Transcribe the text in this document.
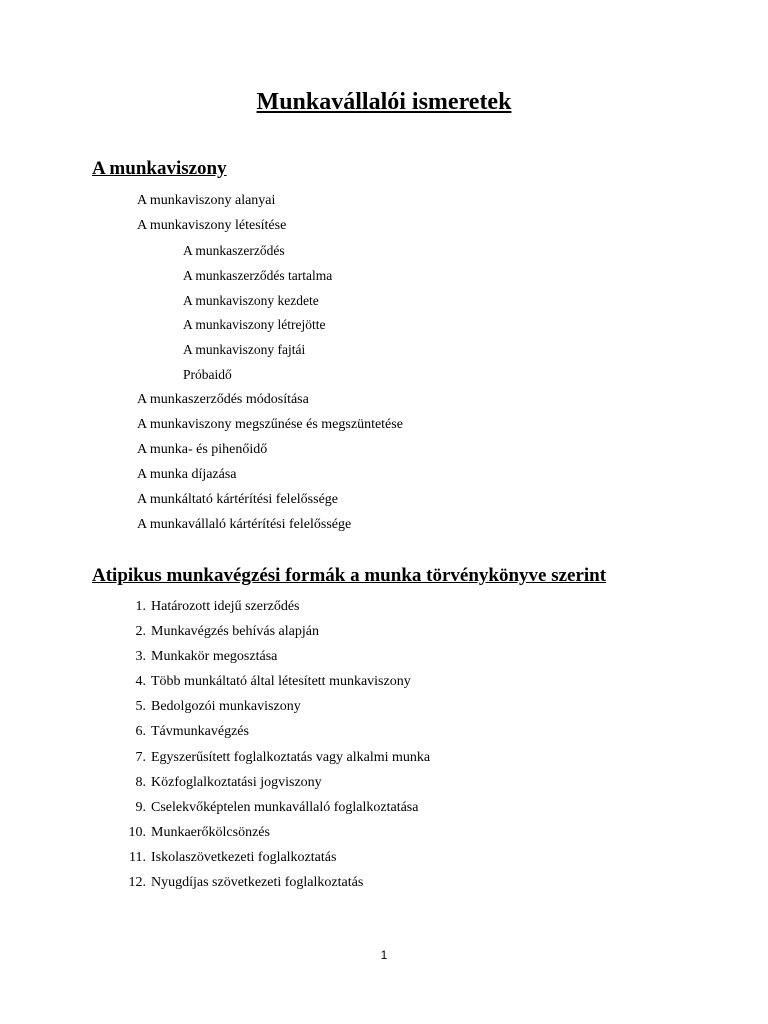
Munkavállalói ismeretek
A munkaviszony
A munkaviszony alanyai
A munkaviszony létesítése
A munkaszerződés
A munkaszerződés tartalma
A munkaviszony kezdete
A munkaviszony létrejötte
A munkaviszony fajtái
Próbaidő
A munkaszerződés módosítása
A munkaviszony megszűnése és megszüntetése
A munka- és pihenőidő
A munka díjazása
A munkáltató kártérítési felelőssége
A munkavállaló kártérítési felelőssége
Atipikus munkavégzési formák a munka törvénykönyve szerint
1. Határozott idejű szerződés
2. Munkavégzés behívás alapján
3. Munkakör megosztása
4. Több munkáltató által létesített munkaviszony
5. Bedolgozói munkaviszony
6. Távmunkavégzés
7. Egyszerűsített foglalkoztatás vagy alkalmi munka
8. Közfoglalkoztatási jogviszony
9. Cselekvőképtelen munkavállaló foglalkoztatása
10. Munkaerőkölcsönzés
11. Iskolaszövetkezeti foglalkoztatás
12. Nyugdíjas szövetkezeti foglalkoztatás
1
